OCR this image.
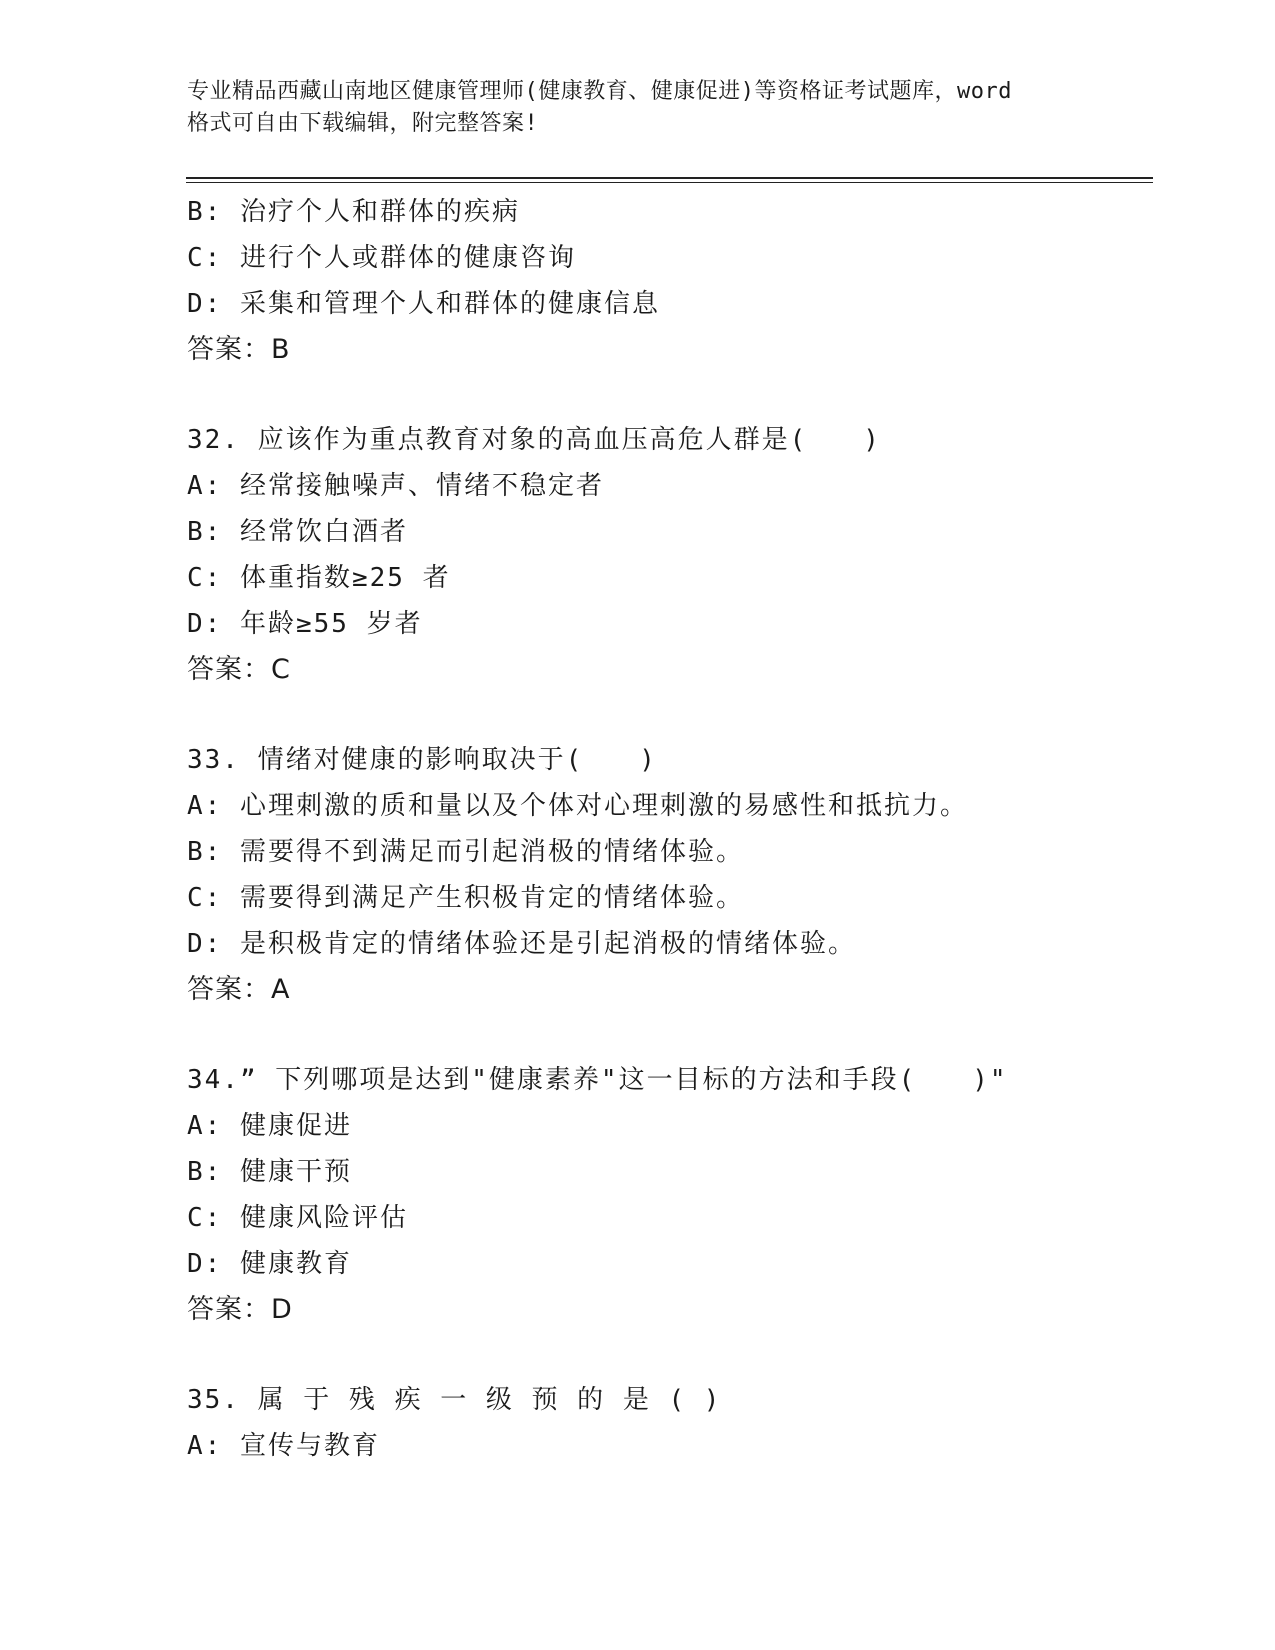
专业精品西藏山南地区健康管理师(健康教育、健康促进)等资格证考试题库，word
格式可自由下载编辑，附完整答案!
B: 治疗个人和群体的疾病
C: 进行个人或群体的健康咨询
D: 采集和管理个人和群体的健康信息
答案：B
32. 应该作为重点教育对象的高血压高危人群是(　　)
A: 经常接触噪声、情绪不稳定者
B: 经常饮白酒者
C: 体重指数≥25 者
D: 年龄≥55 岁者
答案：C
33. 情绪对健康的影响取决于(　　)
A: 心理刺激的质和量以及个体对心理刺激的易感性和抵抗力。
B: 需要得不到满足而引起消极的情绪体验。
C: 需要得到满足产生积极肯定的情绪体验。
D: 是积极肯定的情绪体验还是引起消极的情绪体验。
答案：A
34.” 下列哪项是达到"健康素养"这一目标的方法和手段(　　)"
A: 健康促进
B: 健康干预
C: 健康风险评估
D: 健康教育
答案：D
35. 属 于 残 疾 一 级 预 的 是 ( )
A: 宣传与教育
